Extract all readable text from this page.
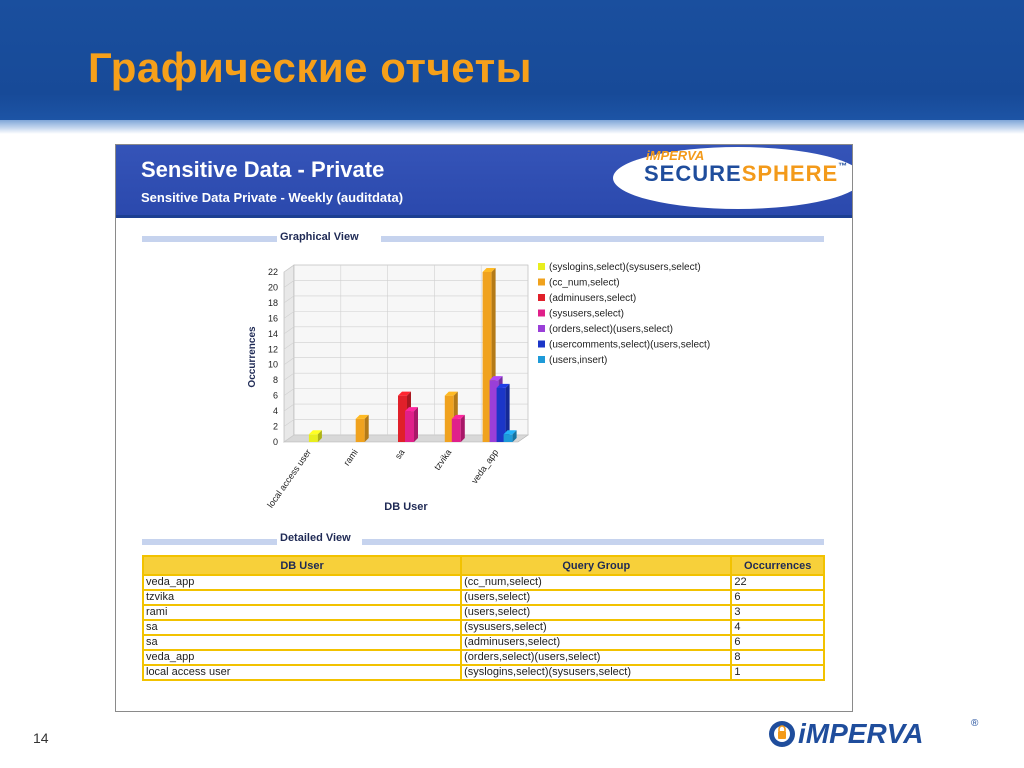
Графические отчеты
Sensitive Data - Private
Sensitive Data Private - Weekly (auditdata)
iMPERVA
SECURESPHERE™
Graphical View
0
2
4
6
8
10
12
14
16
18
20
22
Occurrences
DB User
local access user	rami	sa	tzvika veda_app
(syslogins,select)(sysusers,select)
(cc_num,select)
(adminusers,select)
(sysusers,select)
(orders,select)(users,select)
(usercomments,select)(users,select)
(users,insert)
Detailed View
DB User	Query Group	Occurrences
veda_app	(cc_num,select)	22
tzvika	(users,select)	6
rami	(users,select)	3
sa	(sysusers,select)	4
sa	(adminusers,select)	6
veda_app	(orders,select)(users,select)	8
local access user	(syslogins,select)(sysusers,select)	1
14	iMPERVA	®
